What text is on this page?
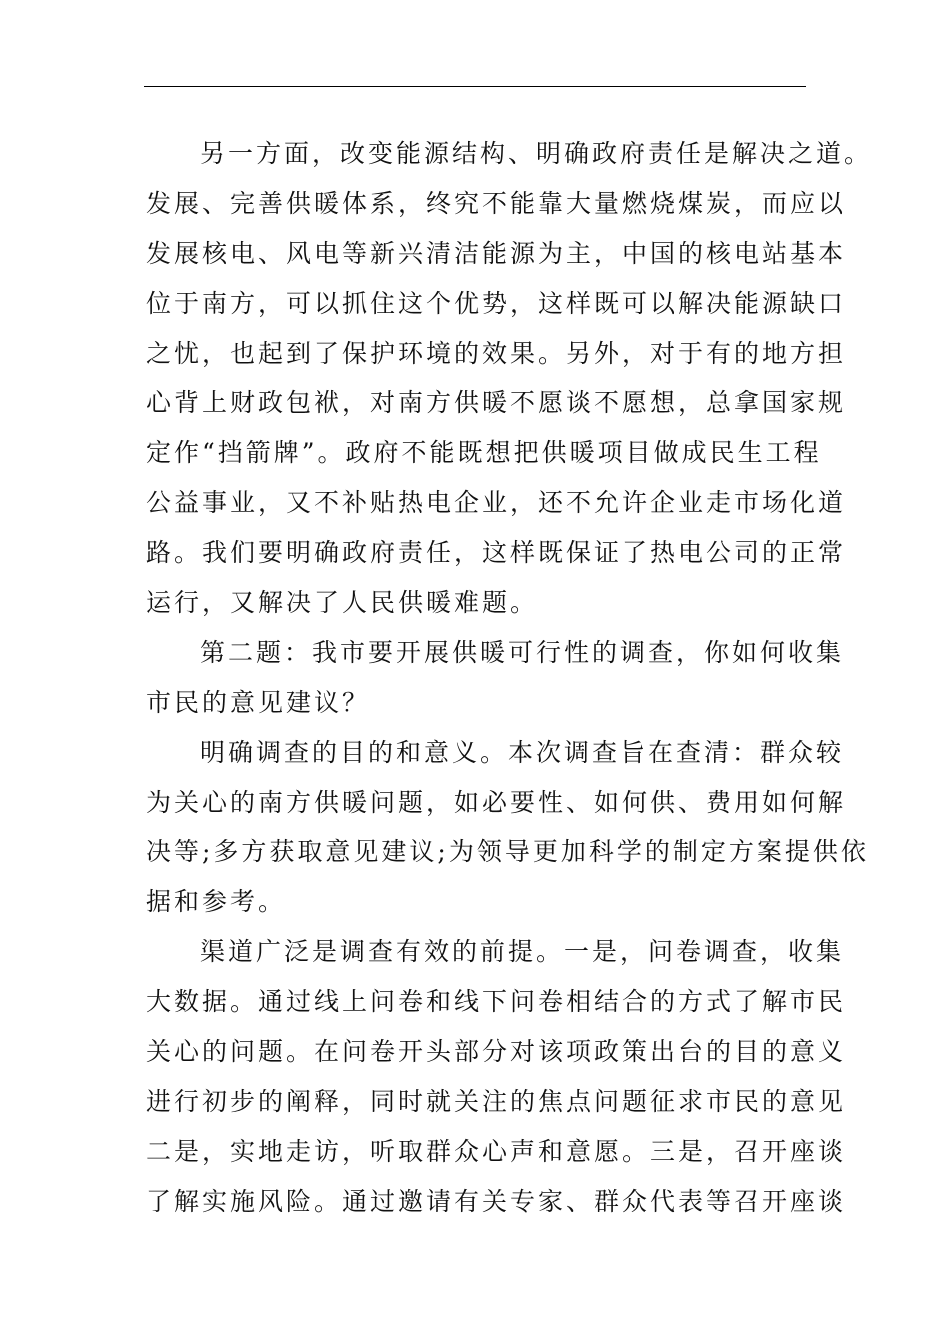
另一方面，改变能源结构、明确政府责任是解决之道。
发展、完善供暖体系，终究不能靠大量燃烧煤炭，而应以
发展核电、风电等新兴清洁能源为主，中国的核电站基本
位于南方，可以抓住这个优势，这样既可以解决能源缺口
之忧，也起到了保护环境的效果。另外，对于有的地方担
心背上财政包袱，对南方供暖不愿谈不愿想，总拿国家规
定作“挡箭牌”。政府不能既想把供暖项目做成民生工程
公益事业，又不补贴热电企业，还不允许企业走市场化道
路。我们要明确政府责任，这样既保证了热电公司的正常
运行，又解决了人民供暖难题。
第二题：我市要开展供暖可行性的调查，你如何收集
市民的意见建议？
明确调查的目的和意义。本次调查旨在查清：群众较
为关心的南方供暖问题，如必要性、如何供、费用如何解
决等;多方获取意见建议;为领导更加科学的制定方案提供依
据和参考。
渠道广泛是调查有效的前提。一是，问卷调查，收集
大数据。通过线上问卷和线下问卷相结合的方式了解市民
关心的问题。在问卷开头部分对该项政策出台的目的意义
进行初步的阐释，同时就关注的焦点问题征求市民的意见
二是，实地走访，听取群众心声和意愿。三是，召开座谈
了解实施风险。通过邀请有关专家、群众代表等召开座谈
